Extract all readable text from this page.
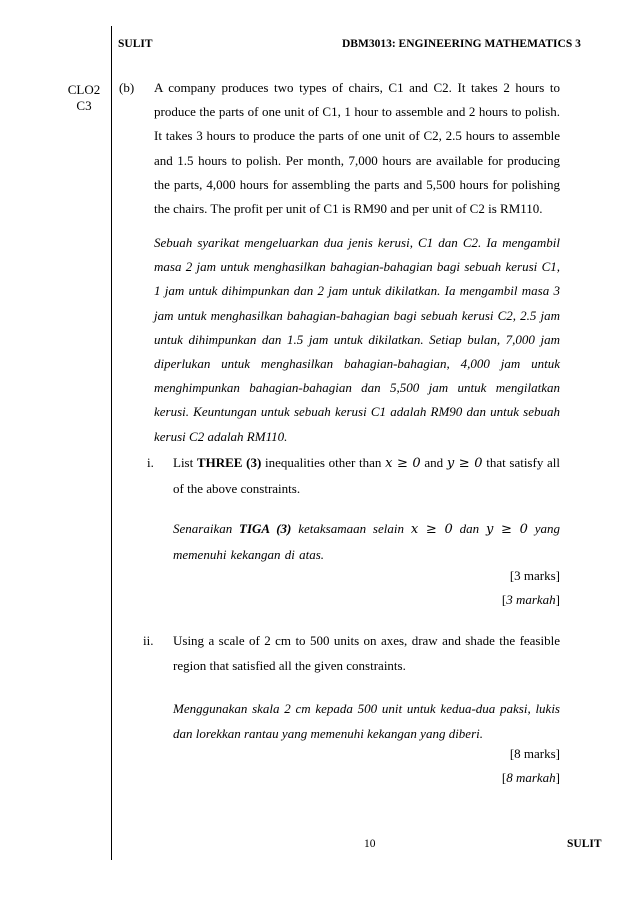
SULIT	DBM3013: ENGINEERING MATHEMATICS 3
CLO2
C3
(b) A company produces two types of chairs, C1 and C2. It takes 2 hours to produce the parts of one unit of C1, 1 hour to assemble and 2 hours to polish. It takes 3 hours to produce the parts of one unit of C2, 2.5 hours to assemble and 1.5 hours to polish. Per month, 7,000 hours are available for producing the parts, 4,000 hours for assembling the parts and 5,500 hours for polishing the chairs. The profit per unit of C1 is RM90 and per unit of C2 is RM110.
Sebuah syarikat mengeluarkan dua jenis kerusi, C1 dan C2. Ia mengambil masa 2 jam untuk menghasilkan bahagian-bahagian bagi sebuah kerusi C1, 1 jam untuk dihimpunkan dan 2 jam untuk dikilatkan. Ia mengambil masa 3 jam untuk menghasilkan bahagian-bahagian bagi sebuah kerusi C2, 2.5 jam untuk dihimpunkan dan 1.5 jam untuk dikilatkan. Setiap bulan, 7,000 jam diperlukan untuk menghasilkan bahagian-bahagian, 4,000 jam untuk menghimpunkan bahagian-bahagian dan 5,500 jam untuk mengilatkan kerusi. Keuntungan untuk sebuah kerusi C1 adalah RM90 dan untuk sebuah kerusi C2 adalah RM110.
i. List THREE (3) inequalities other than x ≥ 0 and y ≥ 0 that satisfy all of the above constraints.
Senaraikan TIGA (3) ketaksamaan selain x ≥ 0 dan y ≥ 0 yang memenuhi kekangan di atas.
[3 marks]
[3 markah]
ii. Using a scale of 2 cm to 500 units on axes, draw and shade the feasible region that satisfied all the given constraints.
Menggunakan skala 2 cm kepada 500 unit untuk kedua-dua paksi, lukis dan lorekkan rantau yang memenuhi kekangan yang diberi.
[8 marks]
[8 markah]
10	SULIT
